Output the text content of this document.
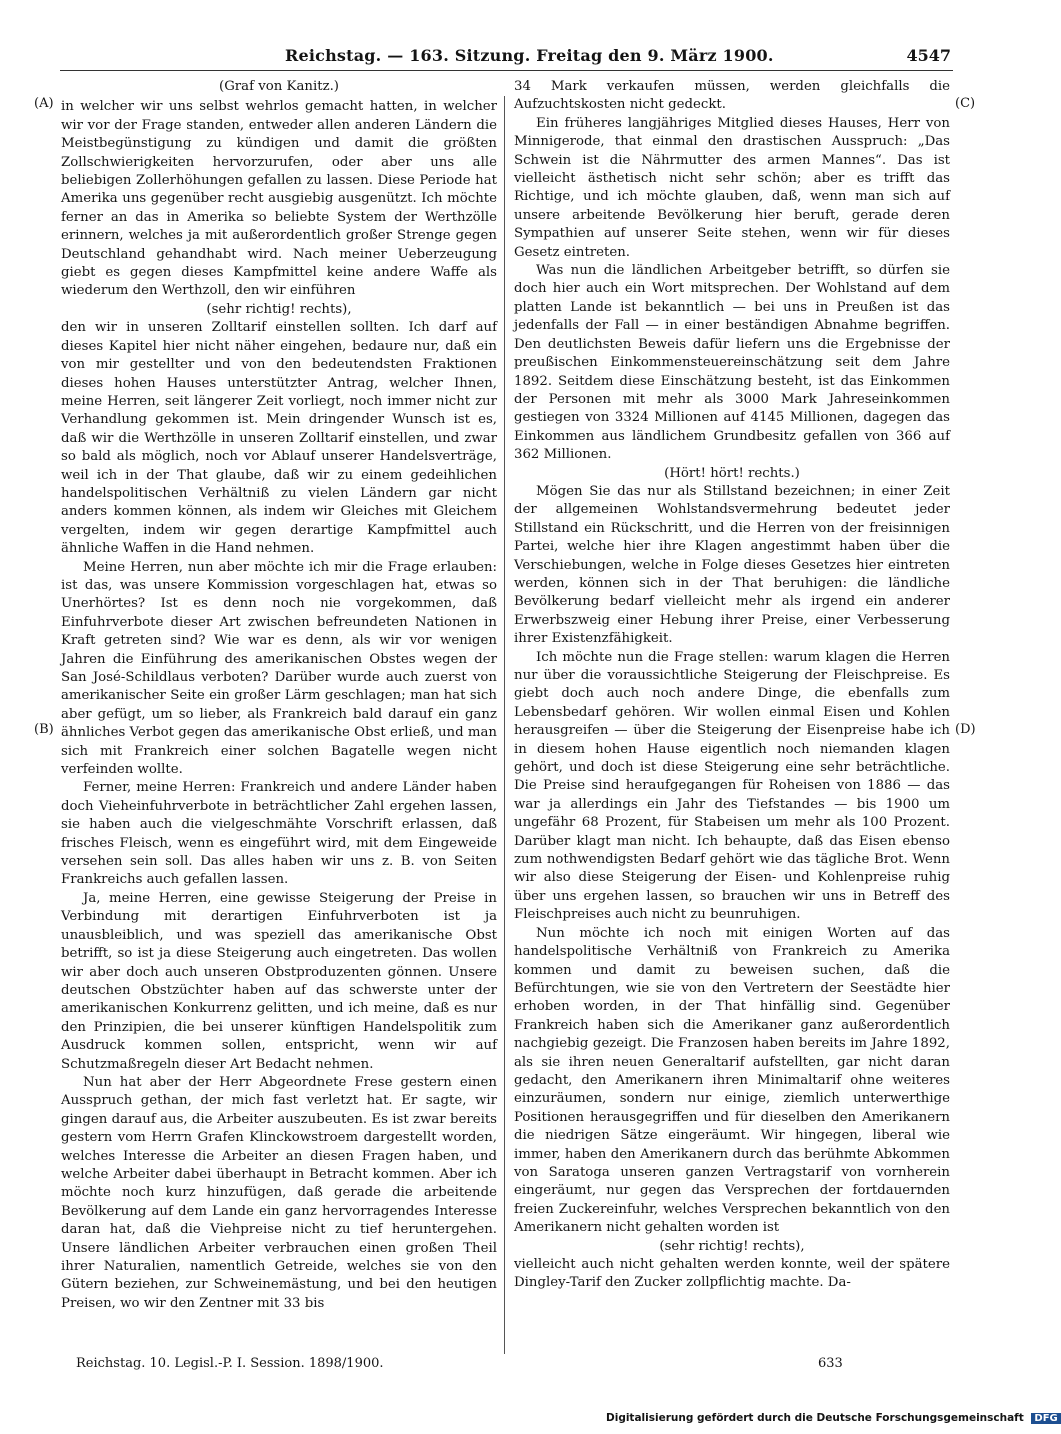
Reichstag. — 163. Sitzung. Freitag den 9. März 1900.	4547
(A)
(B)
(C)
(D)

(Graf von Kanitz.)

in welcher wir uns selbst wehrlos gemacht hatten, in welcher wir vor der Frage standen, entweder allen anderen Ländern die Meistbegünstigung zu kündigen und damit die größten Zollschwierigkeiten hervorzurufen, oder aber uns alle beliebigen Zollerhöhungen gefallen zu lassen. Diese Periode hat Amerika uns gegenüber recht ausgiebig ausgenützt. Ich möchte ferner an das in Amerika so beliebte System der Werthzölle erinnern, welches ja mit außerordentlich großer Strenge gegen Deutschland gehandhabt wird. Nach meiner Ueberzeugung giebt es gegen dieses Kampfmittel keine andere Waffe als wiederum den Werthzoll, den wir einführen

(sehr richtig! rechts),

den wir in unseren Zolltarif einstellen sollten. Ich darf auf dieses Kapitel hier nicht näher eingehen, bedaure nur, daß ein von mir gestellter und von den bedeutendsten Fraktionen dieses hohen Hauses unterstützter Antrag, welcher Ihnen, meine Herren, seit längerer Zeit vorliegt, noch immer nicht zur Verhandlung gekommen ist. Mein dringender Wunsch ist es, daß wir die Werthzölle in unseren Zolltarif einstellen, und zwar so bald als möglich, noch vor Ablauf unserer Handelsverträge, weil ich in der That glaube, daß wir zu einem gedeihlichen handelspolitischen Verhältniß zu vielen Ländern gar nicht anders kommen können, als indem wir Gleiches mit Gleichem vergelten, indem wir gegen derartige Kampfmittel auch ähnliche Waffen in die Hand nehmen.

Meine Herren, nun aber möchte ich mir die Frage erlauben: ist das, was unsere Kommission vorgeschlagen hat, etwas so Unerhörtes? Ist es denn noch nie vorgekommen, daß Einfuhrverbote dieser Art zwischen befreundeten Nationen in Kraft getreten sind? Wie war es denn, als wir vor wenigen Jahren die Einführung des amerikanischen Obstes wegen der San José-Schildlaus verboten? Darüber wurde auch zuerst von amerikanischer Seite ein großer Lärm geschlagen; man hat sich aber gefügt, um so lieber, als Frankreich bald darauf ein ganz ähnliches Verbot gegen das amerikanische Obst erließ, und man sich mit Frankreich einer solchen Bagatelle wegen nicht verfeinden wollte.

Ferner, meine Herren: Frankreich und andere Länder haben doch Vieheinfuhrverbote in beträchtlicher Zahl ergehen lassen, sie haben auch die vielgeschmähte Vorschrift erlassen, daß frisches Fleisch, wenn es eingeführt wird, mit dem Eingeweide versehen sein soll. Das alles haben wir uns z. B. von Seiten Frankreichs auch gefallen lassen.

Ja, meine Herren, eine gewisse Steigerung der Preise in Verbindung mit derartigen Einfuhrverboten ist ja unausbleiblich, und was speziell das amerikanische Obst betrifft, so ist ja diese Steigerung auch eingetreten. Das wollen wir aber doch auch unseren Obstproduzenten gönnen. Unsere deutschen Obstzüchter haben auf das schwerste unter der amerikanischen Konkurrenz gelitten, und ich meine, daß es nur den Prinzipien, die bei unserer künftigen Handelspolitik zum Ausdruck kommen sollen, entspricht, wenn wir auf Schutzmaßregeln dieser Art Bedacht nehmen.

Nun hat aber der Herr Abgeordnete Frese gestern einen Ausspruch gethan, der mich fast verletzt hat. Er sagte, wir gingen darauf aus, die Arbeiter auszubeuten. Es ist zwar bereits gestern vom Herrn Grafen Klinckowstroem dargestellt worden, welches Interesse die Arbeiter an diesen Fragen haben, und welche Arbeiter dabei überhaupt in Betracht kommen. Aber ich möchte noch kurz hinzufügen, daß gerade die arbeitende Bevölkerung auf dem Lande ein ganz hervorragendes Interesse daran hat, daß die Viehpreise nicht zu tief heruntergehen. Unsere ländlichen Arbeiter verbrauchen einen großen Theil ihrer Naturalien, namentlich Getreide, welches sie von den Gütern beziehen, zur Schweinemästung, und bei den heutigen Preisen, wo wir den Zentner mit 33 bis

34 Mark verkaufen müssen, werden gleichfalls die Aufzuchtskosten nicht gedeckt.

Ein früheres langjähriges Mitglied dieses Hauses, Herr von Minnigerode, that einmal den drastischen Ausspruch: „Das Schwein ist die Nährmutter des armen Mannes“. Das ist vielleicht ästhetisch nicht sehr schön; aber es trifft das Richtige, und ich möchte glauben, daß, wenn man sich auf unsere arbeitende Bevölkerung hier beruft, gerade deren Sympathien auf unserer Seite stehen, wenn wir für dieses Gesetz eintreten.

Was nun die ländlichen Arbeitgeber betrifft, so dürfen sie doch hier auch ein Wort mitsprechen. Der Wohlstand auf dem platten Lande ist bekanntlich — bei uns in Preußen ist das jedenfalls der Fall — in einer beständigen Abnahme begriffen. Den deutlichsten Beweis dafür liefern uns die Ergebnisse der preußischen Einkommensteuereinschätzung seit dem Jahre 1892. Seitdem diese Einschätzung besteht, ist das Einkommen der Personen mit mehr als 3000 Mark Jahreseinkommen gestiegen von 3324 Millionen auf 4145 Millionen, dagegen das Einkommen aus ländlichem Grundbesitz gefallen von 366 auf 362 Millionen.

(Hört! hört! rechts.)

Mögen Sie das nur als Stillstand bezeichnen; in einer Zeit der allgemeinen Wohlstandsvermehrung bedeutet jeder Stillstand ein Rückschritt, und die Herren von der freisinnigen Partei, welche hier ihre Klagen angestimmt haben über die Verschiebungen, welche in Folge dieses Gesetzes hier eintreten werden, können sich in der That beruhigen: die ländliche Bevölkerung bedarf vielleicht mehr als irgend ein anderer Erwerbszweig einer Hebung ihrer Preise, einer Verbesserung ihrer Existenzfähigkeit.

Ich möchte nun die Frage stellen: warum klagen die Herren nur über die voraussichtliche Steigerung der Fleischpreise. Es giebt doch auch noch andere Dinge, die ebenfalls zum Lebensbedarf gehören. Wir wollen einmal Eisen und Kohlen herausgreifen — über die Steigerung der Eisenpreise habe ich in diesem hohen Hause eigentlich noch niemanden klagen gehört, und doch ist diese Steigerung eine sehr beträchtliche. Die Preise sind heraufgegangen für Roheisen von 1886 — das war ja allerdings ein Jahr des Tiefstandes — bis 1900 um ungefähr 68 Prozent, für Stabeisen um mehr als 100 Prozent. Darüber klagt man nicht. Ich behaupte, daß das Eisen ebenso zum nothwendigsten Bedarf gehört wie das tägliche Brot. Wenn wir also diese Steigerung der Eisen- und Kohlenpreise ruhig über uns ergehen lassen, so brauchen wir uns in Betreff des Fleischpreises auch nicht zu beunruhigen.

Nun möchte ich noch mit einigen Worten auf das handelspolitische Verhältniß von Frankreich zu Amerika kommen und damit zu beweisen suchen, daß die Befürchtungen, wie sie von den Vertretern der Seestädte hier erhoben worden, in der That hinfällig sind. Gegenüber Frankreich haben sich die Amerikaner ganz außerordentlich nachgiebig gezeigt. Die Franzosen haben bereits im Jahre 1892, als sie ihren neuen Generaltarif aufstellten, gar nicht daran gedacht, den Amerikanern ihren Minimaltarif ohne weiteres einzuräumen, sondern nur einige, ziemlich unterwerthige Positionen herausgegriffen und für dieselben den Amerikanern die niedrigen Sätze eingeräumt. Wir hingegen, liberal wie immer, haben den Amerikanern durch das berühmte Abkommen von Saratoga unseren ganzen Vertragstarif von vornherein eingeräumt, nur gegen das Versprechen der fortdauernden freien Zuckereinfuhr, welches Versprechen bekanntlich von den Amerikanern nicht gehalten worden ist

(sehr richtig! rechts),

vielleicht auch nicht gehalten werden konnte, weil der spätere Dingley-Tarif den Zucker zollpflichtig machte. Da-

Reichstag. 10. Legisl.-P. I. Session. 1898/1900.	633
Digitalisierung gefördert durch die Deutsche Forschungsgemeinschaft DFG
